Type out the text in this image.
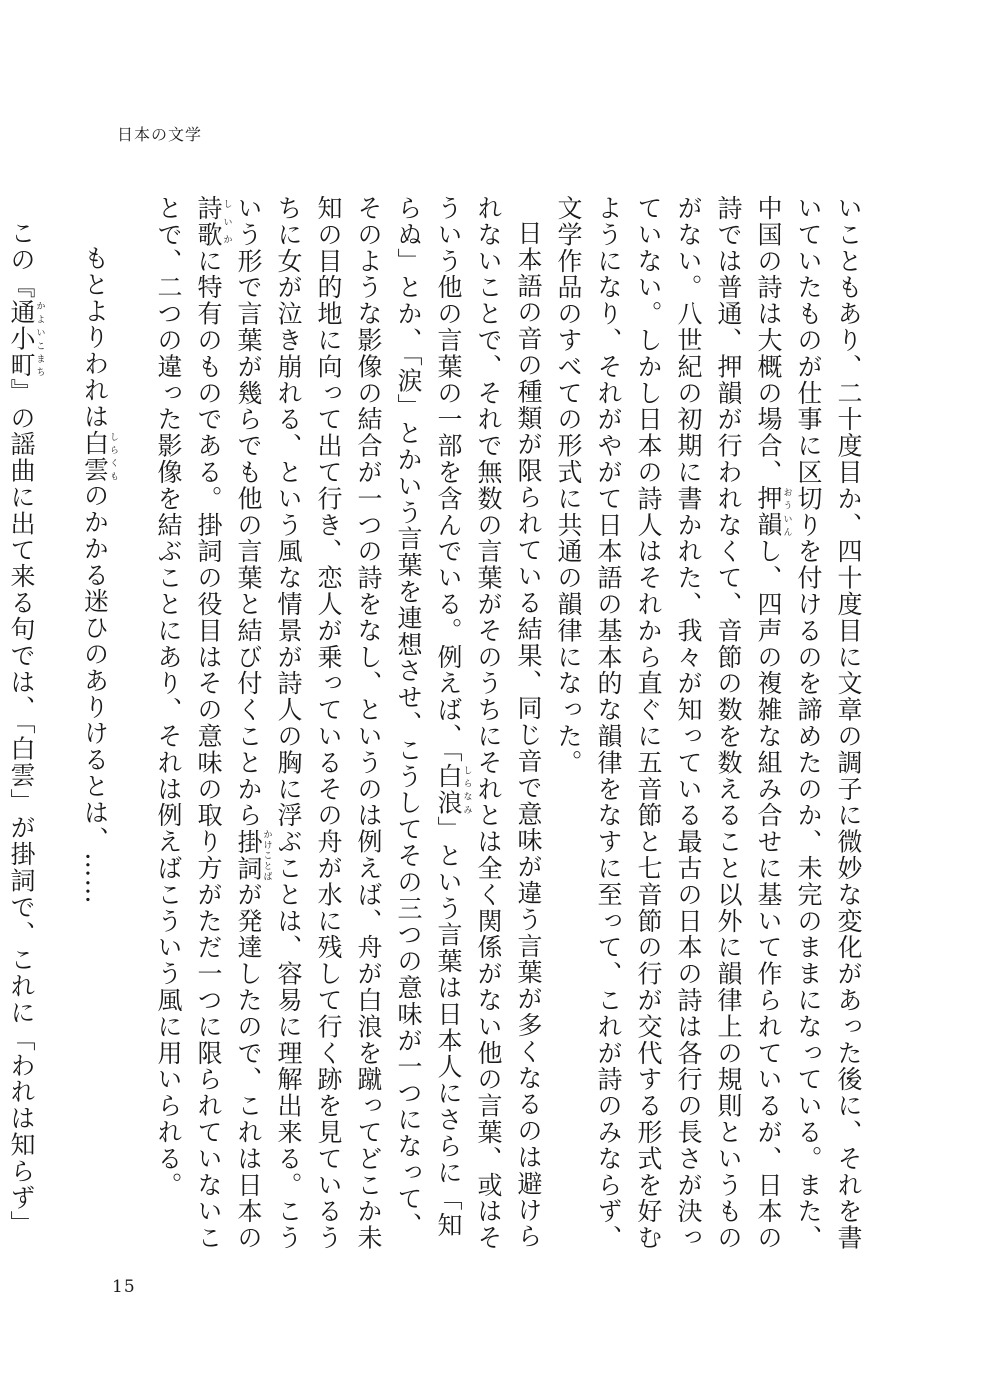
日本の文学

いこともあり、二十度目か、四十度目に文章の調子に微妙な変化があった後に、それを書いていたものが仕事に区切りを付けるのを諦めたのか、未完のままになっている。また、中国の詩は大概の場合、押韻おういんし、四声の複雑な組み合せに基いて作られているが、日本の詩では普通、押韻が行われなくて、音節の数を数えること以外に韻律上の規則というものがない。八世紀の初期に書かれた、我々が知っている最古の日本の詩は各行の長さが決っていない。しかし日本の詩人はそれから直ぐに五音節と七音節の行が交代する形式を好むようになり、それがやがて日本語の基本的な韻律をなすに至って、これが詩のみならず、文学作品のすべての形式に共通の韻律になった。

日本語の音の種類が限られている結果、同じ音で意味が違う言葉が多くなるのは避けられないことで、それで無数の言葉がそのうちにそれとは全く関係がない他の言葉、或はそういう他の言葉の一部を含んでいる。例えば、「白浪しらなみ」という言葉は日本人にさらに「知らぬ」とか、「涙」とかいう言葉を連想させ、こうしてその三つの意味が一つになって、そのような影像の結合が一つの詩をなし、というのは例えば、舟が白浪を蹴ってどこか未知の目的地に向って出て行き、恋人が乗っているその舟が水に残して行く跡を見ているうちに女が泣き崩れる、という風な情景が詩人の胸に浮ぶことは、容易に理解出来る。こういう形で言葉が幾らでも他の言葉と結び付くことから掛詞かけことばが発達したので、これは日本の詩歌しいかに特有のものである。掛詞の役目はその意味の取り方がただ一つに限られていないことで、二つの違った影像を結ぶことにあり、それは例えばこういう風に用いられる。

もとよりわれは白雲しらくものかかる迷ひのありけるとは、……

この『通小町かよいこまち』の謡曲に出て来る句では、「白雲」が掛詞で、これに「われは知らず」

15
